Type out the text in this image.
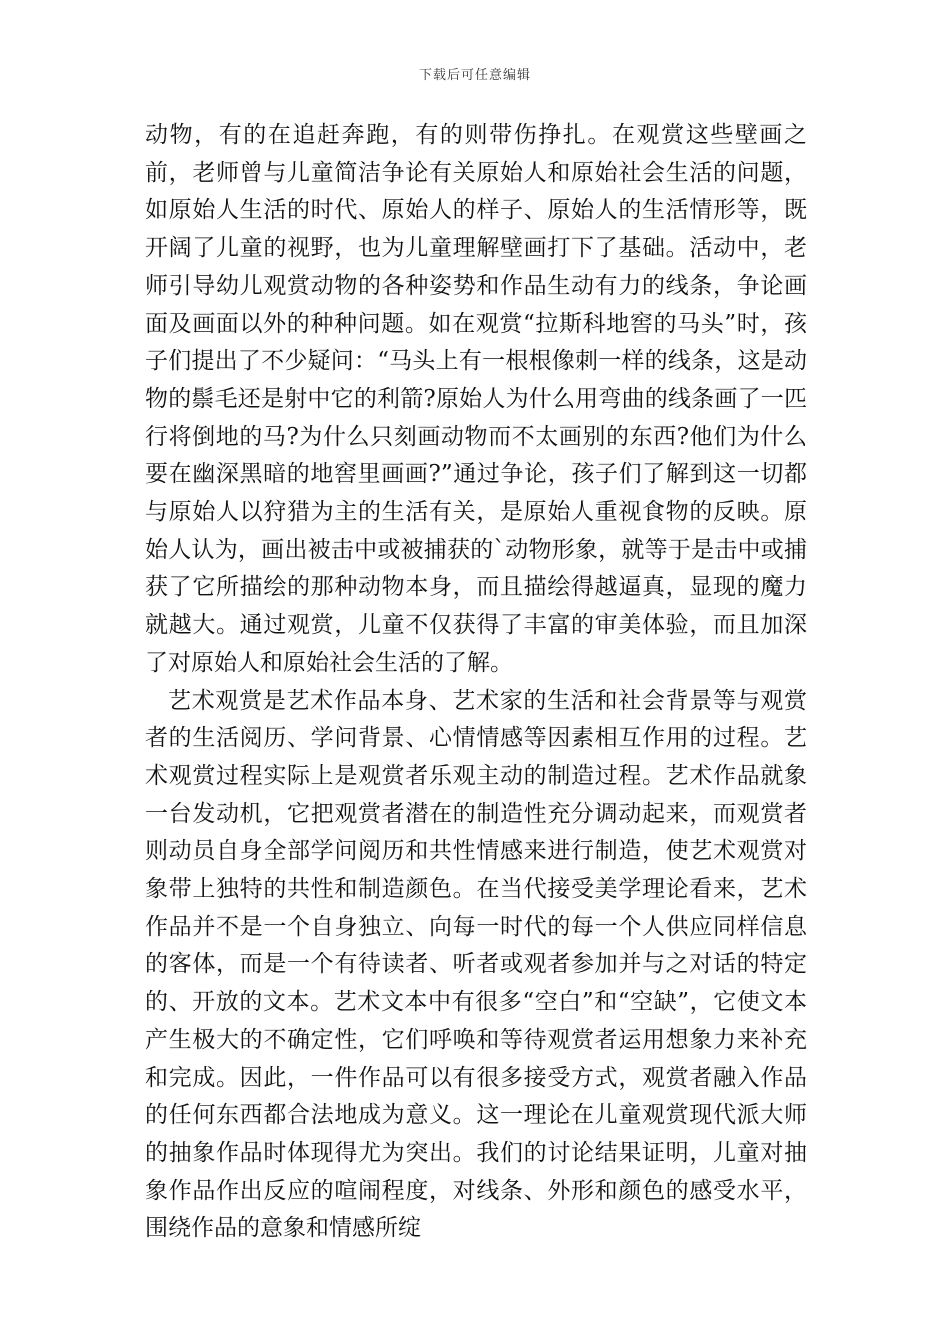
下载后可任意编辑

动物，有的在追赶奔跑，有的则带伤挣扎。在观赏这些壁画之前，老师曾与儿童简洁争论有关原始人和原始社会生活的问题，如原始人生活的时代、原始人的样子、原始人的生活情形等，既开阔了儿童的视野，也为儿童理解壁画打下了基础。活动中，老师引导幼儿观赏动物的各种姿势和作品生动有力的线条，争论画面及画面以外的种种问题。如在观赏“拉斯科地窖的马头”时，孩子们提出了不少疑问：“马头上有一根根像刺一样的线条，这是动物的鬃毛还是射中它的利箭?原始人为什么用弯曲的线条画了一匹行将倒地的马?为什么只刻画动物而不太画别的东西?他们为什么要在幽深黑暗的地窖里画画?”通过争论，孩子们了解到这一切都与原始人以狩猎为主的生活有关，是原始人重视食物的反映。原始人认为，画出被击中或被捕获的`动物形象，就等于是击中或捕获了它所描绘的那种动物本身，而且描绘得越逼真，显现的魔力就越大。通过观赏，儿童不仅获得了丰富的审美体验，而且加深了对原始人和原始社会生活的了解。

艺术观赏是艺术作品本身、艺术家的生活和社会背景等与观赏者的生活阅历、学问背景、心情情感等因素相互作用的过程。艺术观赏过程实际上是观赏者乐观主动的制造过程。艺术作品就象一台发动机，它把观赏者潜在的制造性充分调动起来，而观赏者则动员自身全部学问阅历和共性情感来进行制造，使艺术观赏对象带上独特的共性和制造颜色。在当代接受美学理论看来，艺术作品并不是一个自身独立、向每一时代的每一个人供应同样信息的客体，而是一个有待读者、听者或观者参加并与之对话的特定的、开放的文本。艺术文本中有很多“空白”和“空缺”，它使文本产生极大的不确定性，它们呼唤和等待观赏者运用想象力来补充和完成。因此，一件作品可以有很多接受方式，观赏者融入作品的任何东西都合法地成为意义。这一理论在儿童观赏现代派大师的抽象作品时体现得尤为突出。我们的讨论结果证明，儿童对抽象作品作出反应的喧闹程度，对线条、外形和颜色的感受水平，围绕作品的意象和情感所绽
